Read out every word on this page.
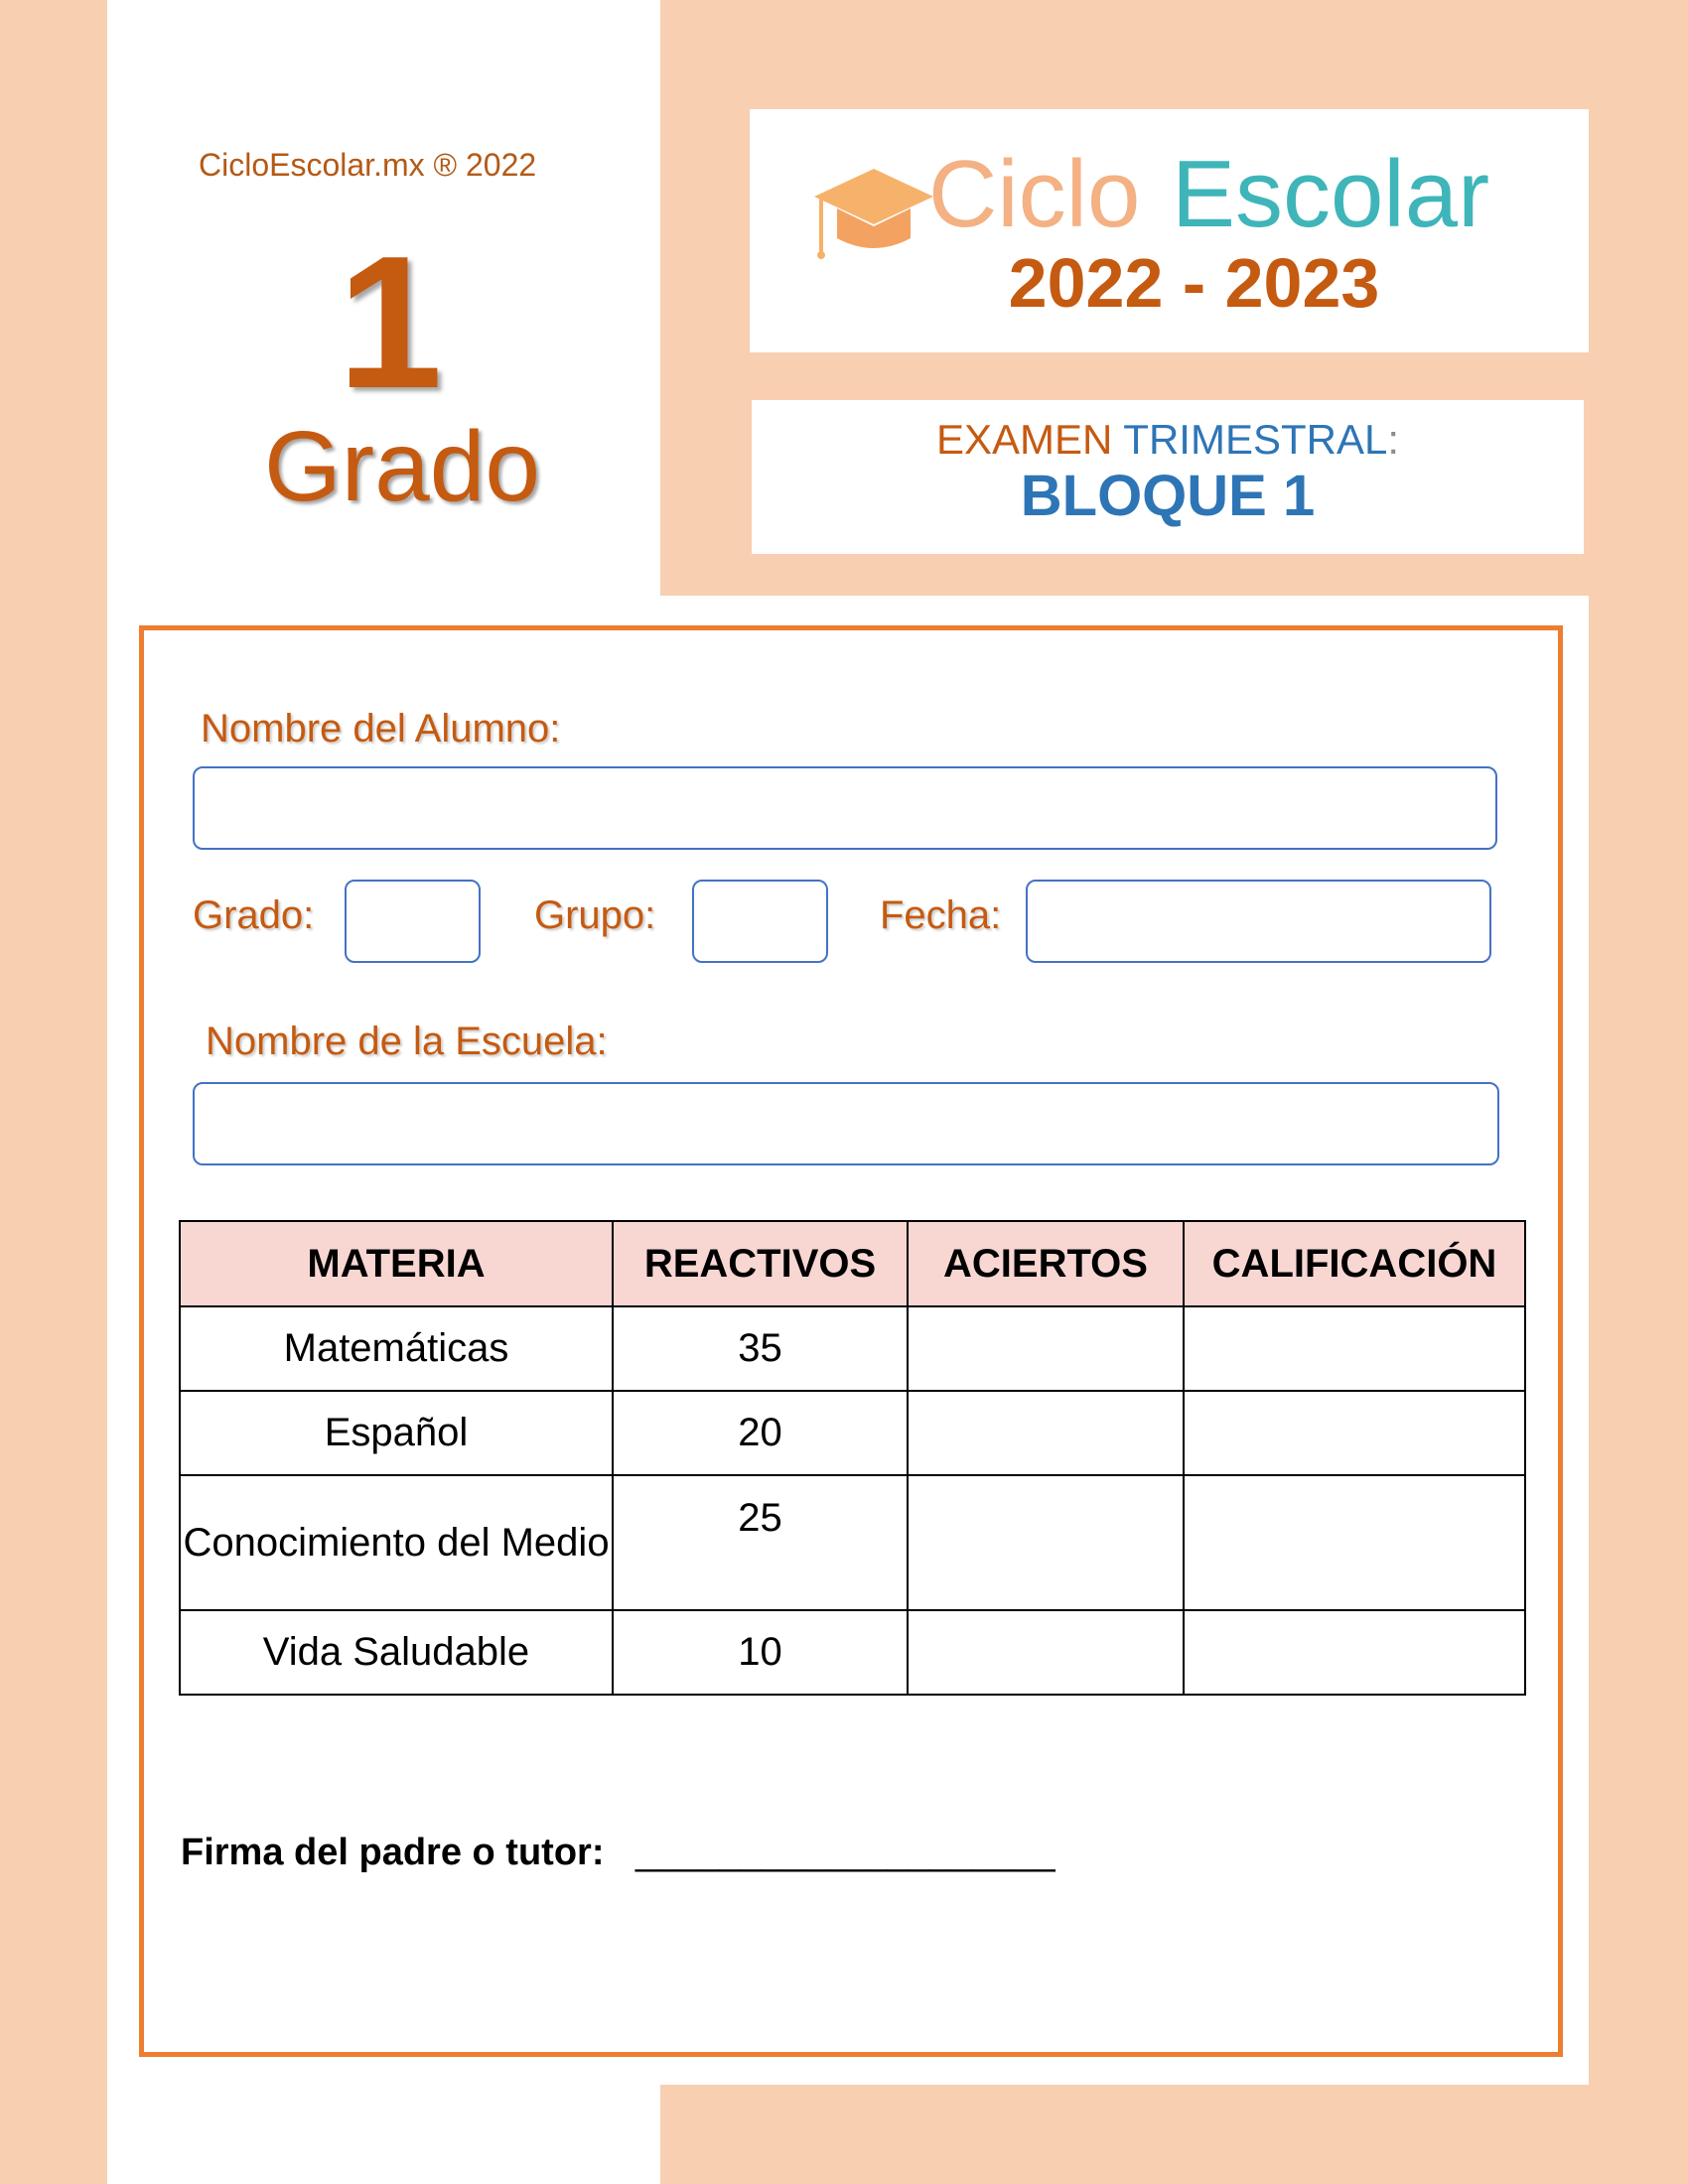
CicloEscolar.mx ® 2022
1
Grado
Ciclo Escolar
2022 - 2023
EXAMEN TRIMESTRAL:
BLOQUE 1
Nombre del Alumno:
Grado:	Grupo:	Fecha:
Nombre de la Escuela:
MATERIA	REACTIVOS	ACIERTOS	CALIFICACIÓN
Matemáticas	35		
Español	20		
Conocimiento del Medio	25		
Vida Saludable	10		
Firma del padre o tutor: ____________________
